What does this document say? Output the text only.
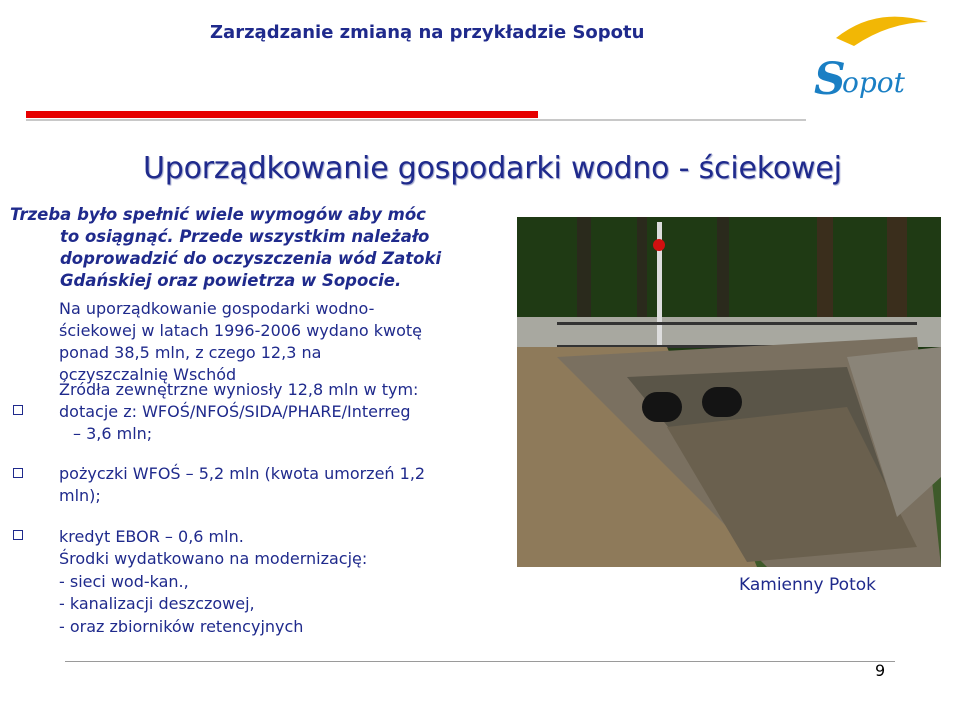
Zarządzanie zmianą na przykładzie Sopotu
S
opot
Uporządkowanie gospodarki wodno - ściekowej
Trzeba było spełnić wiele wymogów aby móc
to osiągnąć. Przede wszystkim należało
doprowadzić do oczyszczenia wód Zatoki
Gdańskiej oraz powietrza w Sopocie.
Na uporządkowanie gospodarki wodno-
ściekowej w latach 1996-2006 wydano kwotę
ponad 38,5 mln, z czego 12,3 na
oczyszczalnię Wschód
Źródła zewnętrzne wyniosły 12,8 mln w tym:
dotacje z: WFOŚ/NFOŚ/SIDA/PHARE/Interreg
– 3,6 mln;
pożyczki WFOŚ – 5,2 mln (kwota umorzeń 1,2
mln);
kredyt EBOR – 0,6 mln.
Środki wydatkowano na modernizację:
- sieci wod-kan.,
- kanalizacji deszczowej,
- oraz zbiorników retencyjnych
Kamienny Potok
9
